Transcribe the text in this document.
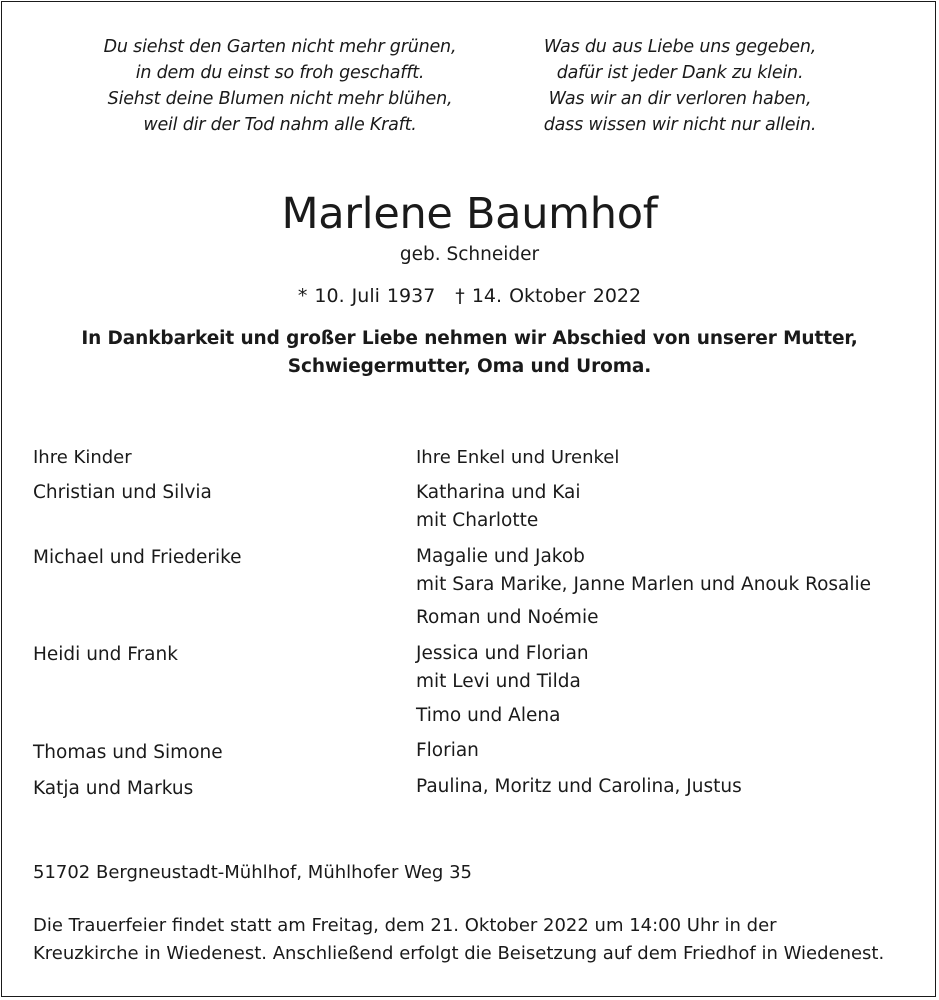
Du siehst den Garten nicht mehr grünen,
in dem du einst so froh geschafft.
Siehst deine Blumen nicht mehr blühen,
weil dir der Tod nahm alle Kraft.
Was du aus Liebe uns gegeben,
dafür ist jeder Dank zu klein.
Was wir an dir verloren haben,
dass wissen wir nicht nur allein.
Marlene Baumhof
geb. Schneider
* 10. Juli 1937 † 14. Oktober 2022
In Dankbarkeit und großer Liebe nehmen wir Abschied von unserer Mutter,
Schwiegermutter, Oma und Uroma.
Ihre Kinder
Christian und Silvia
Michael und Friederike
Heidi und Frank
Thomas und Simone
Katja und Markus
Ihre Enkel und Urenkel
Katharina und Kai
mit Charlotte
Magalie und Jakob
mit Sara Marike, Janne Marlen und Anouk Rosalie
Roman und Noémie
Jessica und Florian
mit Levi und Tilda
Timo und Alena
Florian
Paulina, Moritz und Carolina, Justus
51702 Bergneustadt-Mühlhof, Mühlhofer Weg 35
Die Trauerfeier findet statt am Freitag, dem 21. Oktober 2022 um 14:00 Uhr in der
Kreuzkirche in Wiedenest. Anschließend erfolgt die Beisetzung auf dem Friedhof in Wiedenest.
